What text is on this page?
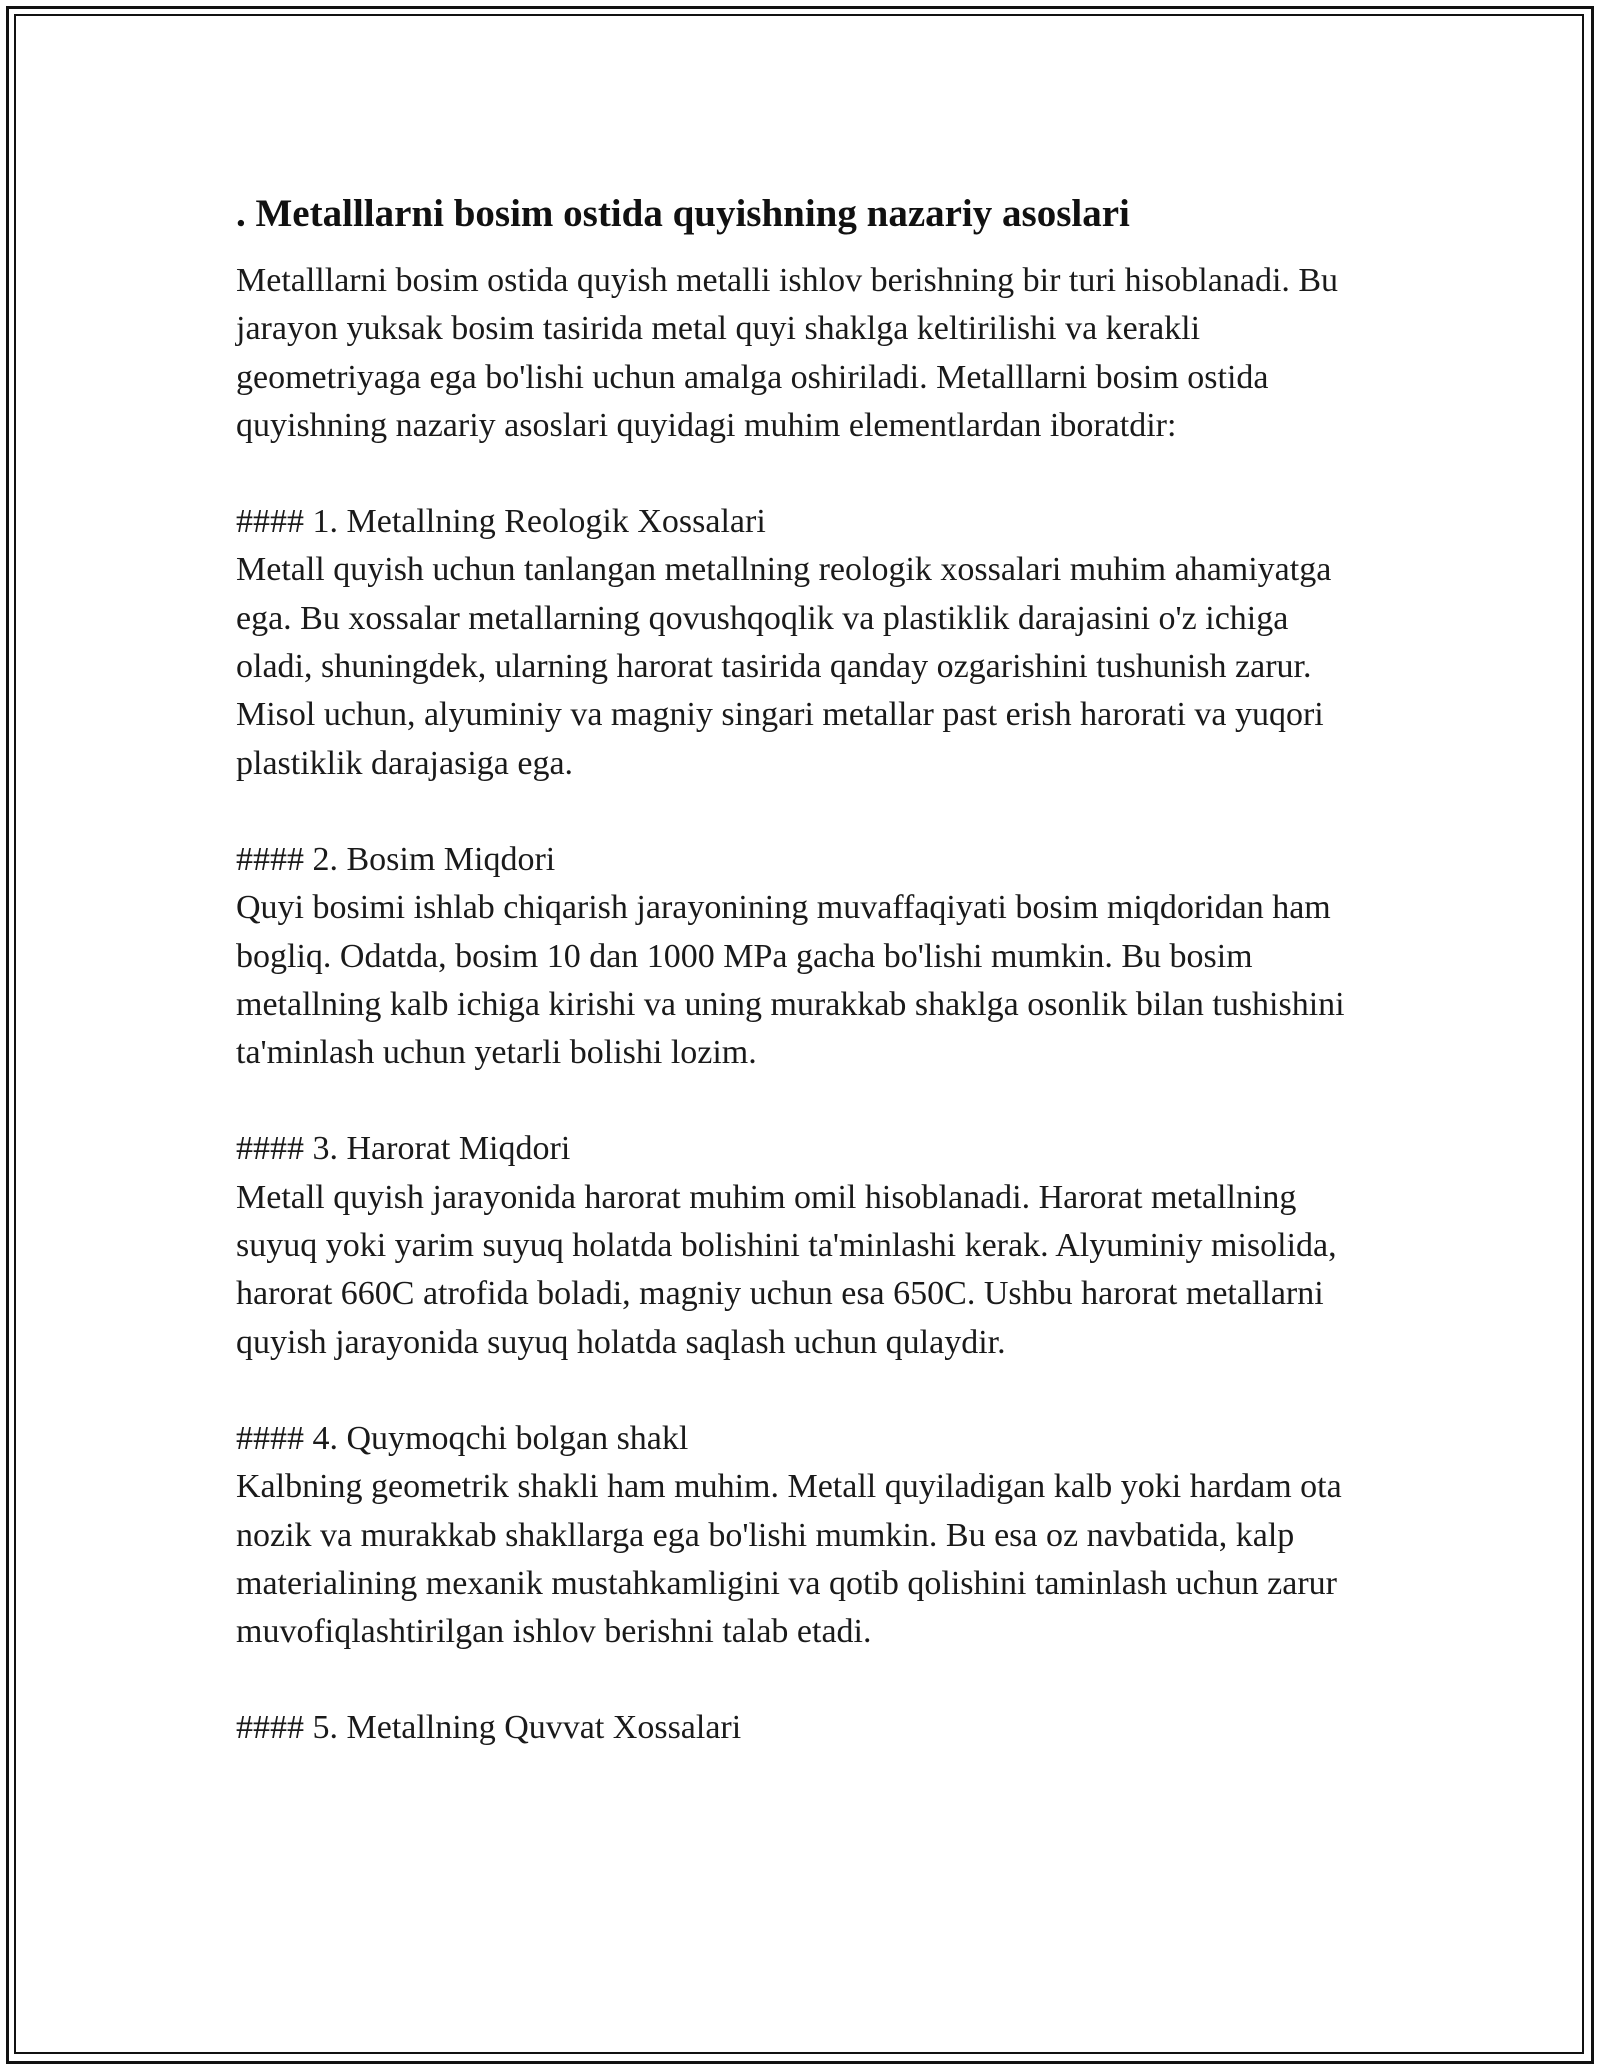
. Metalllarni bosim ostida quyishning nazariy asoslari

Metalllarni bosim ostida quyish metalli ishlov berishning bir turi hisoblanadi. Bu jarayon yuksak bosim tasirida metal quyi shaklga keltirilishi va kerakli geometriyaga ega bo'lishi uchun amalga oshiriladi. Metalllarni bosim ostida quyishning nazariy asoslari quyidagi muhim elementlardan iboratdir:

#### 1. Metallning Reologik Xossalari

Metall quyish uchun tanlangan metallning reologik xossalari muhim ahamiyatga ega. Bu xossalar metallarning qovushqoqlik va plastiklik darajasini o'z ichiga oladi, shuningdek, ularning harorat tasirida qanday ozgarishini tushunish zarur. Misol uchun, alyuminiy va magniy singari metallar past erish harorati va yuqori plastiklik darajasiga ega.

#### 2. Bosim Miqdori

Quyi bosimi ishlab chiqarish jarayonining muvaffaqiyati bosim miqdoridan ham bogliq. Odatda, bosim 10 dan 1000 MPa gacha bo'lishi mumkin. Bu bosim metallning kalb ichiga kirishi va uning murakkab shaklga osonlik bilan tushishini ta'minlash uchun yetarli bolishi lozim.

#### 3. Harorat Miqdori

Metall quyish jarayonida harorat muhim omil hisoblanadi. Harorat metallning suyuq yoki yarim suyuq holatda bolishini ta'minlashi kerak. Alyuminiy misolida, harorat 660C atrofida boladi, magniy uchun esa 650C. Ushbu harorat metallarni quyish jarayonida suyuq holatda saqlash uchun qulaydir.

#### 4. Quymoqchi bolgan shakl

Kalbning geometrik shakli ham muhim. Metall quyiladigan kalb yoki hardam ota nozik va murakkab shakllarga ega bo'lishi mumkin. Bu esa oz navbatida, kalp materialining mexanik mustahkamligini va qotib qolishini taminlash uchun zarur muvofiqlashtirilgan ishlov berishni talab etadi.

#### 5. Metallning Quvvat Xossalari
